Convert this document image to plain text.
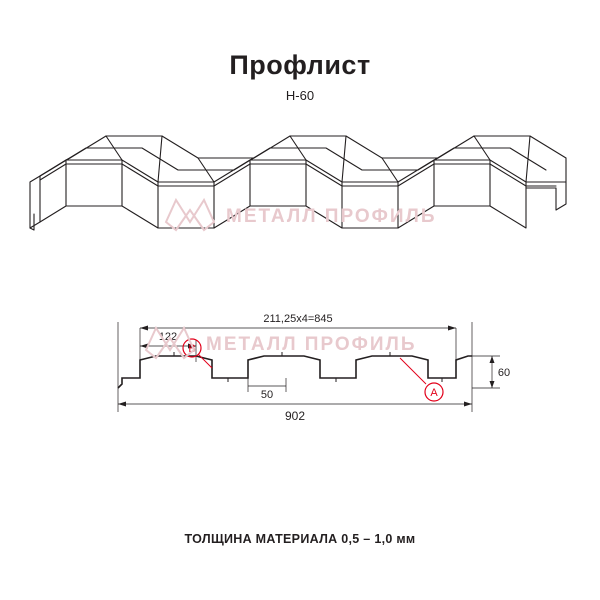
Профлист
Н-60
МЕТАЛЛ ПРОФИЛЬ
A
B
902
211,25х4=845
122
50
60
МЕТАЛЛ ПРОФИЛЬ
ТОЛЩИНА МАТЕРИАЛА 0,5 – 1,0 мм
